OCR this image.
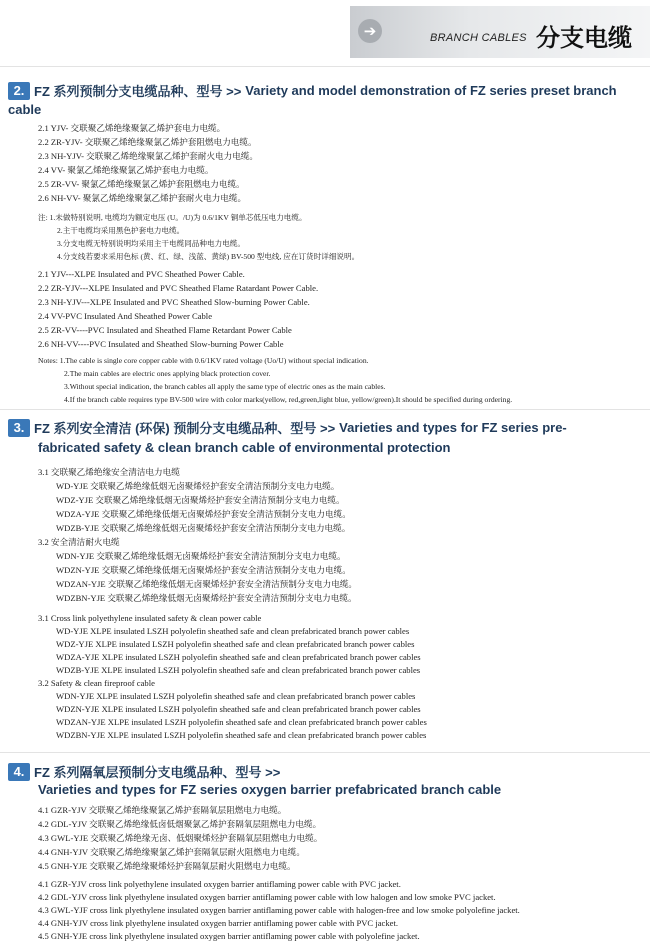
➔	BRANCH CABLES 分支电缆
2. FZ 系列预制分支电缆品种、型号 >> Variety and model demonstration of FZ series preset branch cable
2.1 YJV- 交联聚乙烯绝缘聚氯乙烯护套电力电缆。
2.2 ZR-YJV- 交联聚乙烯绝缘聚氯乙烯护套阻燃电力电缆。
2.3 NH-YJV- 交联聚乙烯绝缘聚氯乙烯护套耐火电力电缆。
2.4 VV- 聚氯乙烯绝缘聚氯乙烯护套电力电缆。
2.5 ZR-VV- 聚氯乙烯绝缘聚氯乙烯护套阻燃电力电缆。
2.6 NH-VV- 聚氯乙烯绝缘聚氯乙烯护套耐火电力电缆。
注: 1.未做特别说明, 电缆均为额定电压 (U。/U)为 0.6/1KV 铜单芯低压电力电缆。
2.主干电缆均采用黑色护套电力电缆。
3.分支电缆无特别说明均采用主干电缆同品种电力电缆。
4.分支线若要求采用色标 (黄、红、绿、浅蓝、黄绿) BV-500 型电线, 应在订货时详细说明。
2.1 YJV---XLPE Insulated and PVC Sheathed Power Cable.
2.2 ZR-YJV---XLPE Insulated and PVC Sheathed Flame Ratardant Power Cable.
2.3 NH-YJV---XLPE Insulated and PVC Sheathed Slow-burning Power Cable.
2.4 VV-PVC Insulated And Sheathed Power Cable
2.5 ZR-VV----PVC Insulated and Sheathed Flame Retardant Power Cable
2.6 NH-VV----PVC Insulated and Sheathed Slow-burning Power Cable
Notes: 1.The cable is single core copper cable with 0.6/1KV rated voltage (Uo/U) without special indication.
2.The main cables are electric ones applying black protection cover.
3.Without special indication, the branch cables all apply the same type of electric ones as the main cables.
4.If the branch cable requires type BV-500 wire with color marks(yellow, red,green,light blue, yellow/green).It should be specified during ordering.
3. FZ 系列安全清洁 (环保) 预制分支电缆品种、型号 >> Varieties and types for FZ series pre-
fabricated safety & clean branch cable of environmental protection
3.1 交联聚乙烯绝缘安全清洁电力电缆
WD-YJE 交联聚乙烯绝缘低烟无卤聚烯烃护套安全清洁预制分支电力电缆。
WDZ-YJE 交联聚乙烯绝缘低烟无卤聚烯烃护套安全清洁预制分支电力电缆。
WDZA-YJE 交联聚乙烯绝缘低烟无卤聚烯烃护套安全清洁预制分支电力电缆。
WDZB-YJE 交联聚乙烯绝缘低烟无卤聚烯烃护套安全清洁预制分支电力电缆。
3.2 安全清洁耐火电缆
WDN-YJE 交联聚乙烯绝缘低烟无卤聚烯烃护套安全清洁预制分支电力电缆。
WDZN-YJE 交联聚乙烯绝缘低烟无卤聚烯烃护套安全清洁预制分支电力电缆。
WDZAN-YJE 交联聚乙烯绝缘低烟无卤聚烯烃护套安全清洁预制分支电力电缆。
WDZBN-YJE 交联聚乙烯绝缘低烟无卤聚烯烃护套安全清洁预制分支电力电缆。
3.1 Cross link polyethylene insulated safety & clean power cable
WD-YJE XLPE insulated LSZH polyolefin sheathed safe and clean prefabricated branch power cables
WDZ-YJE XLPE insulated LSZH polyolefin sheathed safe and clean prefabricated branch power cables
WDZA-YJE XLPE insulated LSZH polyolefin sheathed safe and clean prefabricated branch power cables
WDZB-YJE XLPE insulated LSZH polyolefin sheathed safe and clean prefabricated branch power cables
3.2 Safety & clean fireproof cable
WDN-YJE XLPE insulated LSZH polyolefin sheathed safe and clean prefabricated branch power cables
WDZN-YJE XLPE insulated LSZH polyolefin sheathed safe and clean prefabricated branch power cables
WDZAN-YJE XLPE insulated LSZH polyolefin sheathed safe and clean prefabricated branch power cables
WDZBN-YJE XLPE insulated LSZH polyolefin sheathed safe and clean prefabricated branch power cables
4. FZ 系列隔氧层预制分支电缆品种、型号 >>
Varieties and types for FZ series oxygen barrier prefabricated branch cable
4.1 GZR-YJV 交联聚乙烯绝缘聚氯乙烯护套隔氧层阻燃电力电缆。
4.2 GDL-YJV 交联聚乙烯绝缘低卤低烟聚氯乙烯护套隔氧层阻燃电力电缆。
4.3 GWL-YJE 交联聚乙烯绝缘无卤、低烟聚烯烃护套隔氧层阻燃电力电缆。
4.4 GNH-YJV 交联聚乙烯绝缘聚氯乙烯护套隔氧层耐火阻燃电力电缆。
4.5 GNH-YJE 交联聚乙烯绝缘聚烯烃护套隔氧层耐火阻燃电力电缆。
4.1 GZR-YJV cross link polyethylene insulated oxygen barrier antiflaming power cable with PVC jacket.
4.2 GDL-YJV cross link plyethylene insulated oxygen barrier antiflaming power cable with low halogen and low smoke PVC jacket.
4.3 GWL-YJF cross link plyethylene insulated oxygen barrier antiflaming power cable with halogen-free and low smoke polyolefine jacket.
4.4 GNH-YJV cross link plyethylene insulated oxygen barrier antiflaming power cable with PVC jacket.
4.5 GNH-YJE cross link plyethylene insulated oxygen barrier antiflaming power cable with polyolefine jacket.
